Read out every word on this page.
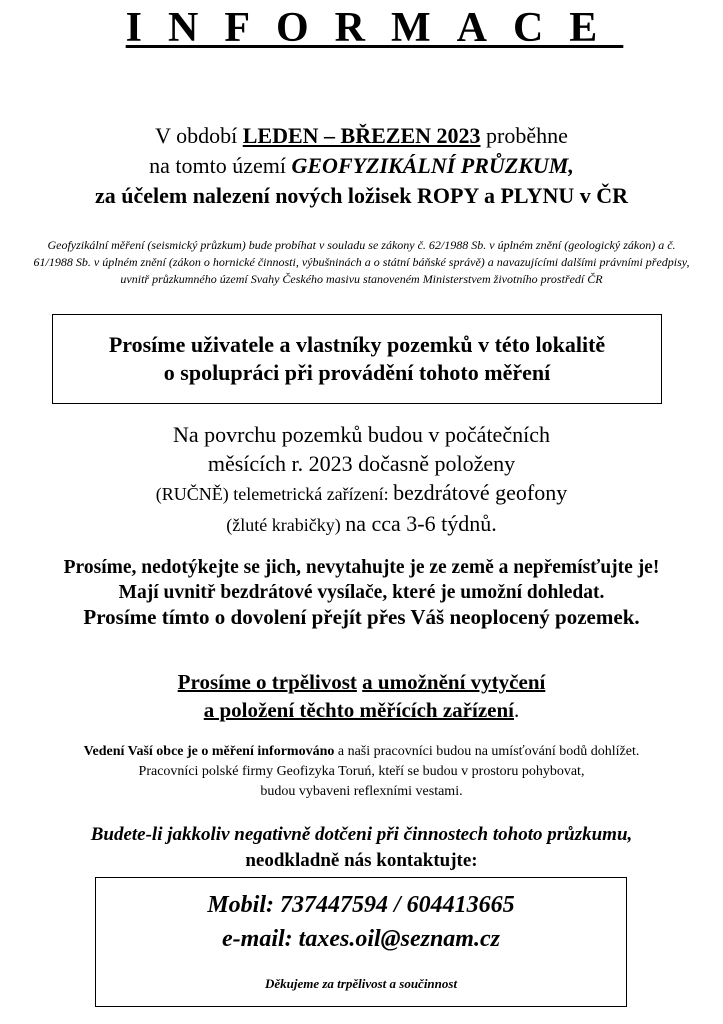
INFORMACE
V období LEDEN – BŘEZEN 2023 proběhne
na tomto území GEOFYZIKÁLNÍ PRŮZKUM,
za účelem nalezení nových ložisek ROPY a PLYNU v ČR

Geofyzikální měření (seismický průzkum) bude probíhat v souladu se zákony č. 62/1988 Sb. v úplném znění (geologický zákon) a č. 61/1988 Sb. v úplném znění (zákon o hornické činnosti, výbušninách a o státní báňské správě) a navazujícími dalšími právními předpisy, uvnitř průzkumného území Svahy Českého masivu stanoveném Ministerstvem životního prostředí ČR

Prosíme uživatele a vlastníky pozemků v této lokalitě
o spolupráci při provádění tohoto měření
Na povrchu pozemků budou v počátečních
měsících r. 2023 dočasně položeny
(RUČNĚ) telemetrická zařízení: bezdrátové geofony
(žluté krabičky) na cca 3-6 týdnů.
Prosíme, nedotýkejte se jich, nevytahujte je ze země a nepřemísťujte je!
Mají uvnitř bezdrátové vysílače, které je umožní dohledat.
Prosíme tímto o dovolení přejít přes Váš neoplocený pozemek.
Prosíme o trpělivost a umožnění vytyčení
a položení těchto měřících zařízení.
Vedení Vaší obce je o měření informováno a naši pracovníci budou na umísťování bodů dohlížet.
Pracovníci polské firmy Geofizyka Toruń, kteří se budou v prostoru pohybovat,
budou vybaveni reflexními vestami.
Budete-li jakkoliv negativně dotčeni při činnostech tohoto průzkumu,
neodkladně nás kontaktujte:
Mobil: 737447594 / 604413665
e-mail: taxes.oil@seznam.cz
Děkujeme za trpělivost a součinnost
